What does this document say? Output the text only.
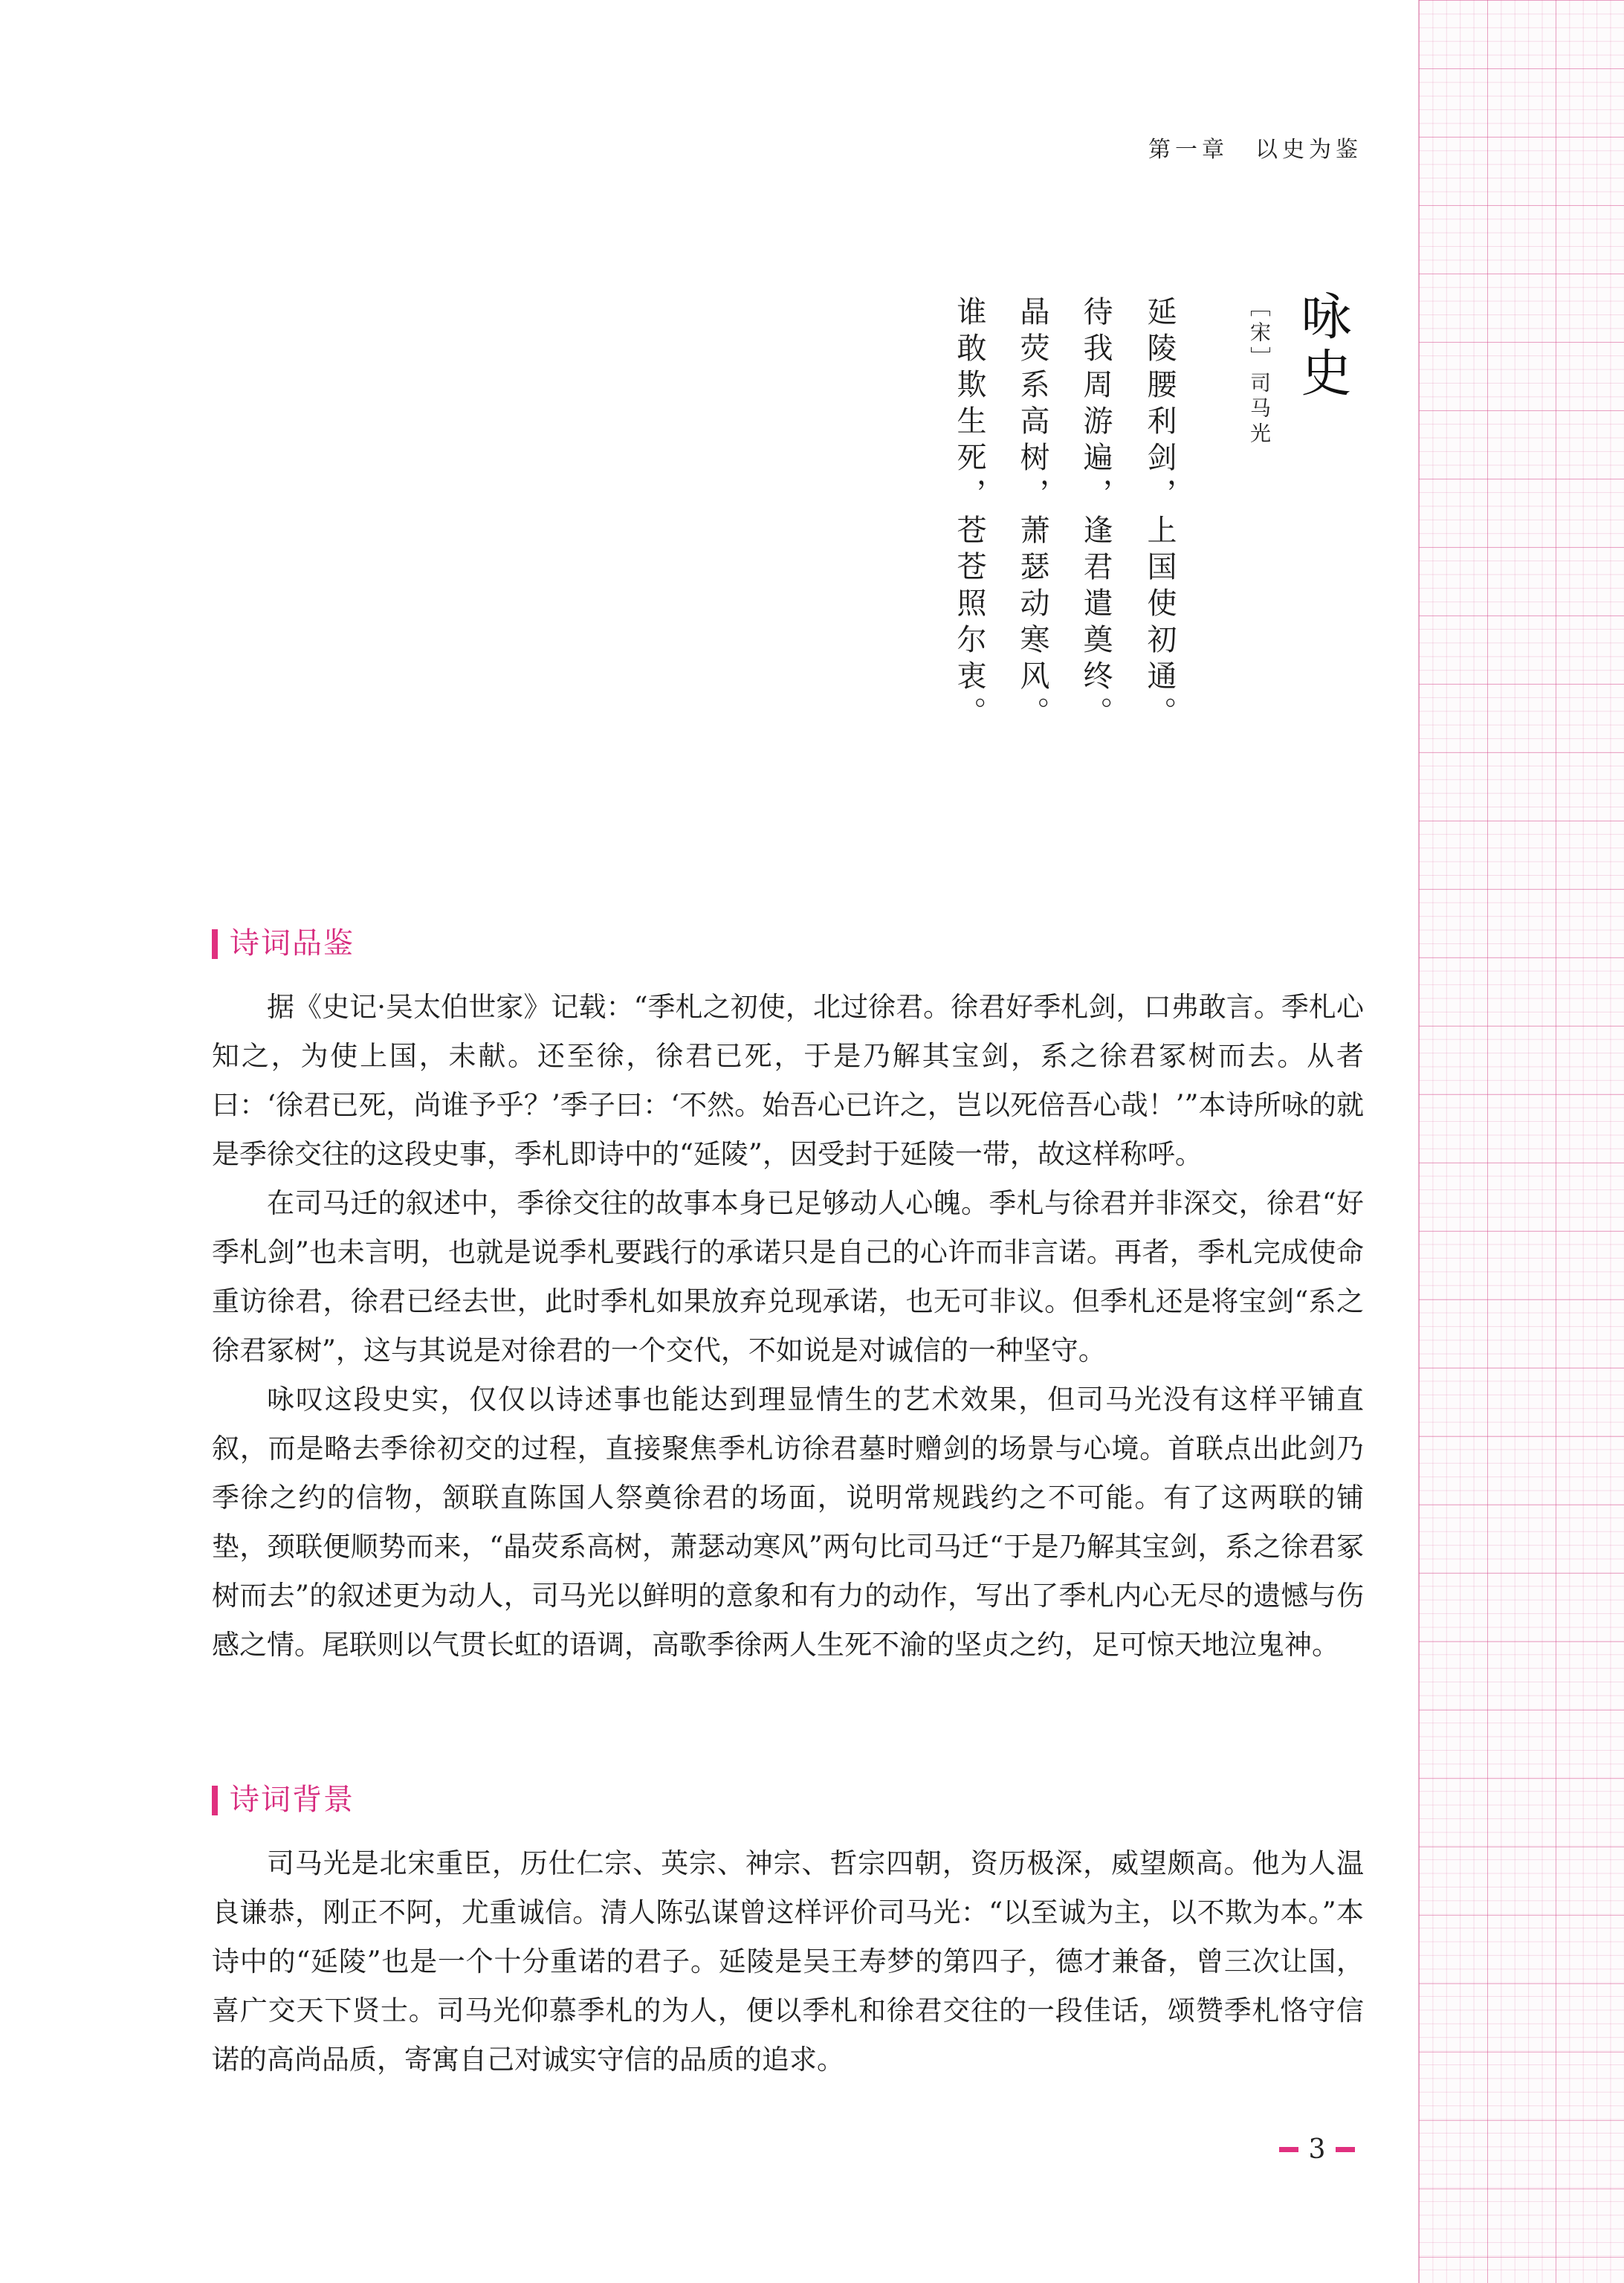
第一章　以史为鉴
咏史
［宋］司马光
延陵腰利剑，上国使初通。
待我周游遍，逢君遣奠终。
晶荧系高树，萧瑟动寒风。
谁敢欺生死，苍苍照尔衷。
诗词品鉴

据《史记·吴太伯世家》记载：“季札之初使，北过徐君。徐君好季札剑，口弗敢言。季札心知之，为使上国，未献。还至徐，徐君已死，于是乃解其宝剑，系之徐君冢树而去。从者曰：‘徐君已死，尚谁予乎？’季子曰：‘不然。始吾心已许之，岂以死倍吾心哉！’”本诗所咏的就是季徐交往的这段史事，季札即诗中的“延陵”，因受封于延陵一带，故这样称呼。

在司马迁的叙述中，季徐交往的故事本身已足够动人心魄。季札与徐君并非深交，徐君“好季札剑”也未言明，也就是说季札要践行的承诺只是自己的心许而非言诺。再者，季札完成使命重访徐君，徐君已经去世，此时季札如果放弃兑现承诺，也无可非议。但季札还是将宝剑“系之徐君冢树”，这与其说是对徐君的一个交代，不如说是对诚信的一种坚守。

咏叹这段史实，仅仅以诗述事也能达到理显情生的艺术效果，但司马光没有这样平铺直叙，而是略去季徐初交的过程，直接聚焦季札访徐君墓时赠剑的场景与心境。首联点出此剑乃季徐之约的信物，颔联直陈国人祭奠徐君的场面，说明常规践约之不可能。有了这两联的铺垫，颈联便顺势而来，“晶荧系高树，萧瑟动寒风”两句比司马迁“于是乃解其宝剑，系之徐君冢树而去”的叙述更为动人，司马光以鲜明的意象和有力的动作，写出了季札内心无尽的遗憾与伤感之情。尾联则以气贯长虹的语调，高歌季徐两人生死不渝的坚贞之约，足可惊天地泣鬼神。

诗词背景

司马光是北宋重臣，历仕仁宗、英宗、神宗、哲宗四朝，资历极深，威望颇高。他为人温良谦恭，刚正不阿，尤重诚信。清人陈弘谋曾这样评价司马光：“以至诚为主，以不欺为本。”本诗中的“延陵”也是一个十分重诺的君子。延陵是吴王寿梦的第四子，德才兼备，曾三次让国，喜广交天下贤士。司马光仰慕季札的为人，便以季札和徐君交往的一段佳话，颂赞季札恪守信诺的高尚品质，寄寓自己对诚实守信的品质的追求。

3
